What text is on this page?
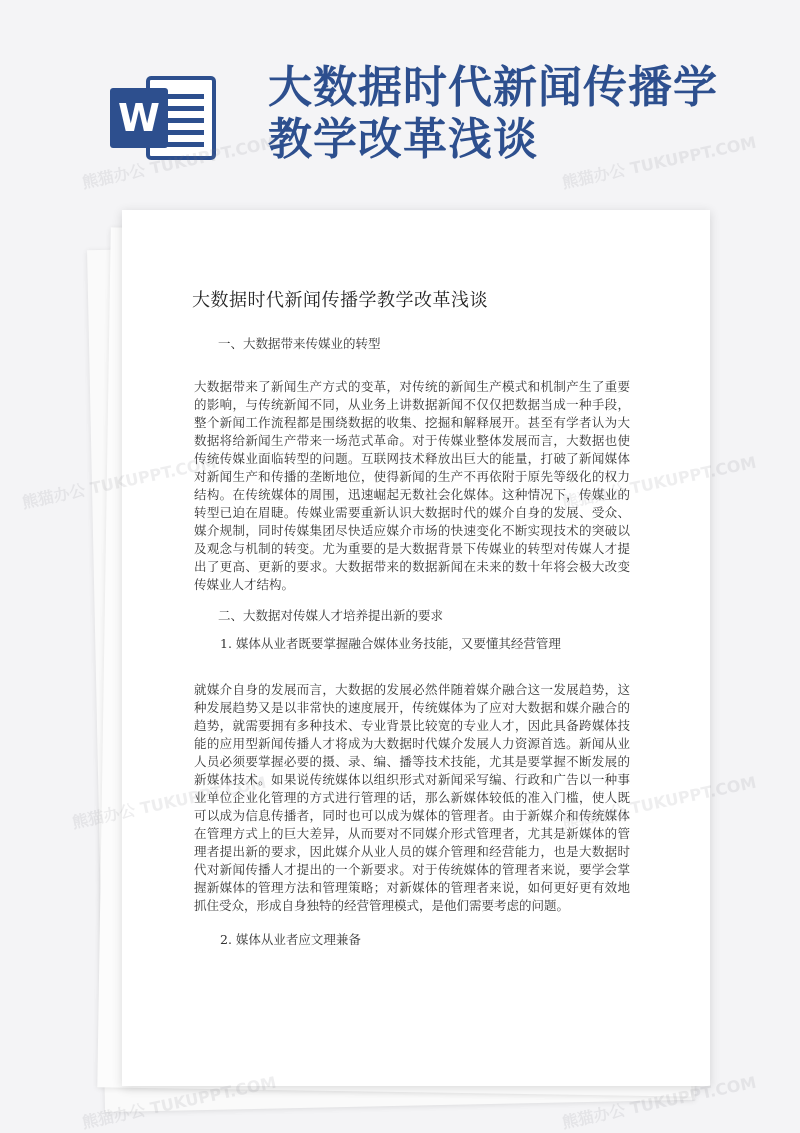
W
大数据时代新闻传播学
教学改革浅谈
大数据时代新闻传播学教学改革浅谈

一、大数据带来传媒业的转型

大数据带来了新闻生产方式的变革，对传统的新闻生产模式和机制产生了重要的影响，与传统新闻不同，从业务上讲数据新闻不仅仅把数据当成一种手段，整个新闻工作流程都是围绕数据的收集、挖掘和解释展开。甚至有学者认为大数据将给新闻生产带来一场范式革命。对于传媒业整体发展而言，大数据也使传统传媒业面临转型的问题。互联网技术释放出巨大的能量，打破了新闻媒体对新闻生产和传播的垄断地位，使得新闻的生产不再依附于原先等级化的权力结构。在传统媒体的周围，迅速崛起无数社会化媒体。这种情况下，传媒业的转型已迫在眉睫。传媒业需要重新认识大数据时代的媒介自身的发展、受众、媒介规制，同时传媒集团尽快适应媒介市场的快速变化不断实现技术的突破以及观念与机制的转变。尤为重要的是大数据背景下传媒业的转型对传媒人才提出了更高、更新的要求。大数据带来的数据新闻在未来的数十年将会极大改变传媒业人才结构。

二、大数据对传媒人才培养提出新的要求

1. 媒体从业者既要掌握融合媒体业务技能，又要懂其经营管理

就媒介自身的发展而言，大数据的发展必然伴随着媒介融合这一发展趋势，这种发展趋势又是以非常快的速度展开，传统媒体为了应对大数据和媒介融合的趋势，就需要拥有多种技术、专业背景比较宽的专业人才，因此具备跨媒体技能的应用型新闻传播人才将成为大数据时代媒介发展人力资源首选。新闻从业人员必须要掌握必要的摄、录、编、播等技术技能，尤其是要掌握不断发展的新媒体技术。如果说传统媒体以组织形式对新闻采写编、行政和广告以一种事业单位企业化管理的方式进行管理的话，那么新媒体较低的准入门槛，使人既可以成为信息传播者，同时也可以成为媒体的管理者。由于新媒介和传统媒体在管理方式上的巨大差异，从而要对不同媒介形式管理者，尤其是新媒体的管理者提出新的要求，因此媒介从业人员的媒介管理和经营能力，也是大数据时代对新闻传播人才提出的一个新要求。对于传统媒体的管理者来说，要学会掌握新媒体的管理方法和管理策略；对新媒体的管理者来说，如何更好更有效地抓住受众，形成自身独特的经营管理模式，是他们需要考虑的问题。

2. 媒体从业者应文理兼备

熊猫办公 TUKUPPT.COM	熊猫办公 TUKUPPT.COM
熊猫办公
熊猫办公	熊猫办公 TUKUPPT.COM
